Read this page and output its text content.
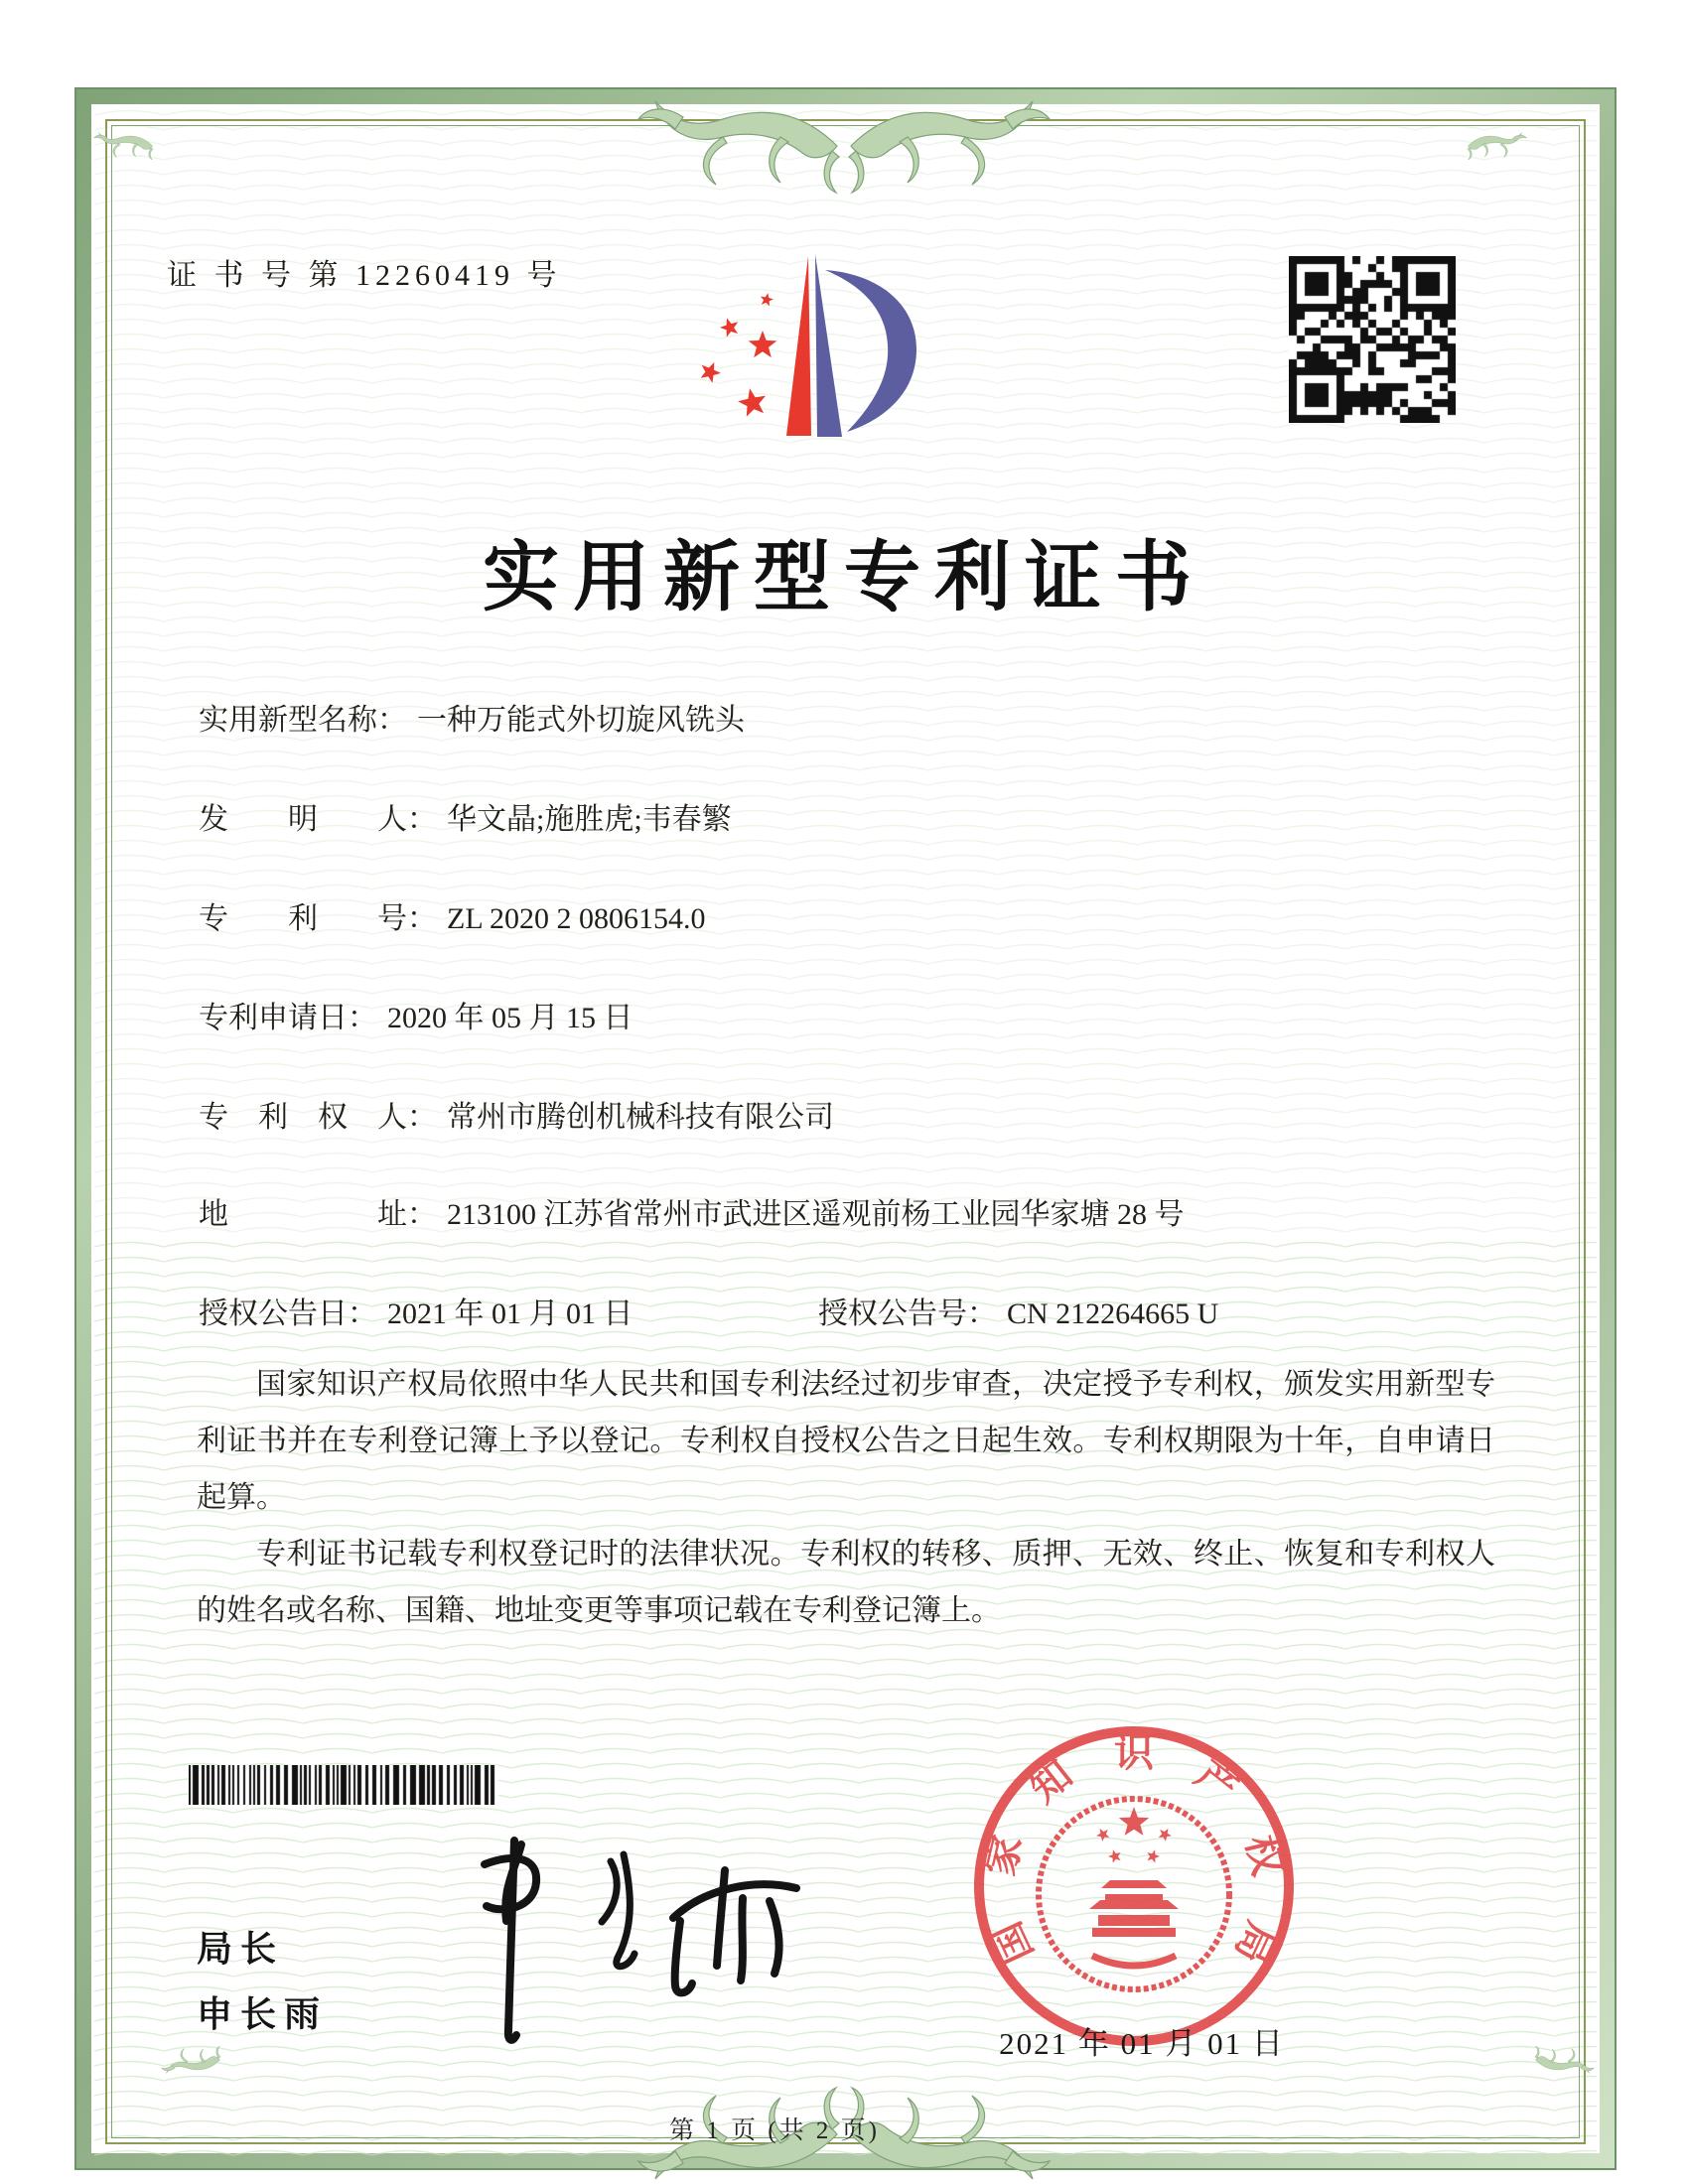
证 书 号 第 12260419 号
实用新型专利证书
实用新型名称： 一种万能式外切旋风铣头
发　　明　　人： 华文晶;施胜虎;韦春繁
专　　利　　号： ZL 2020 2 0806154.0
专利申请日： 2020 年 05 月 15 日
专　利　权　人： 常州市腾创机械科技有限公司
地　　　　　址： 213100 江苏省常州市武进区遥观前杨工业园华家塘 28 号
授权公告日： 2021 年 01 月 01 日	授权公告号： CN 212264665 U

国家知识产权局依照中华人民共和国专利法经过初步审查，决定授予专利权，颁发实用新型专利证书并在专利登记簿上予以登记。专利权自授权公告之日起生效。专利权期限为十年，自申请日起算。

专利证书记载专利权登记时的法律状况。专利权的转移、质押、无效、终止、恢复和专利权人的姓名或名称、国籍、地址变更等事项记载在专利登记簿上。

局长
申长雨
国
家
知 识 产
权
局
2021 年 01 月 01 日
第 1 页 (共 2 页)
